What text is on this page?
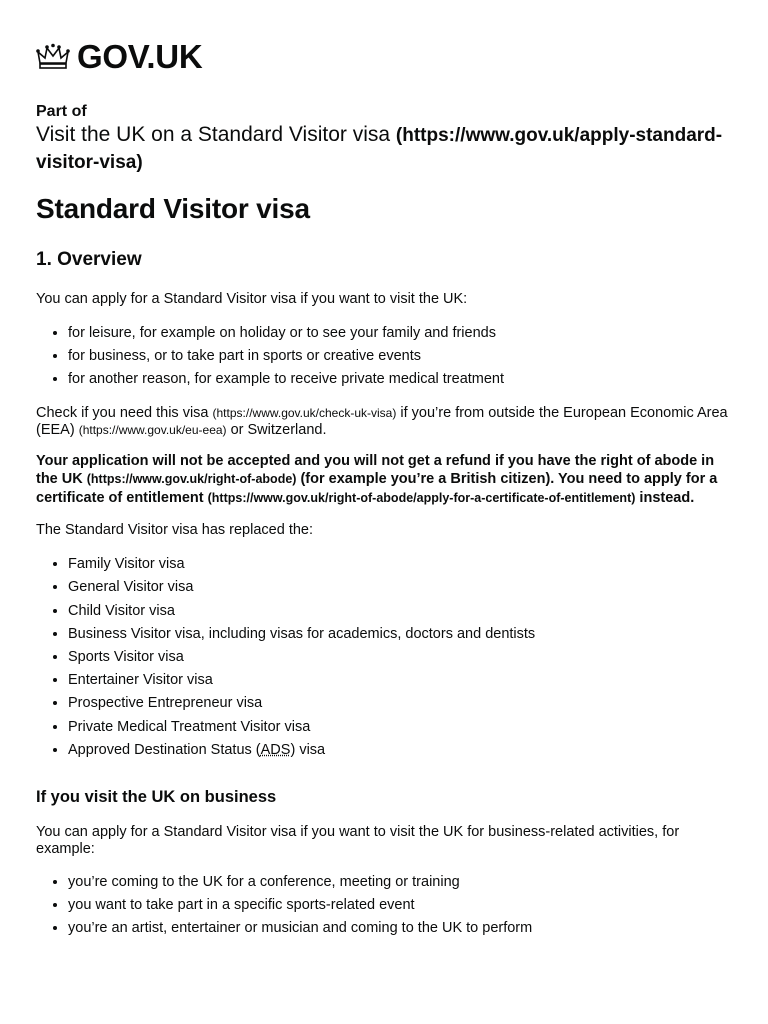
GOV.UK
Part of
Visit the UK on a Standard Visitor visa (https://www.gov.uk/apply-standard-visitor-visa)
Standard Visitor visa
1. Overview

You can apply for a Standard Visitor visa if you want to visit the UK:

• for leisure, for example on holiday or to see your family and friends
• for business, or to take part in sports or creative events
• for another reason, for example to receive private medical treatment

Check if you need this visa (https://www.gov.uk/check-uk-visa) if you’re from outside the European Economic Area (EEA) (https://www.gov.uk/eu-eea) or Switzerland.

Your application will not be accepted and you will not get a refund if you have the right of abode in the UK (https://www.gov.uk/right-of-abode) (for example you’re a British citizen). You need to apply for a certificate of entitlement (https://www.gov.uk/right-of-abode/apply-for-a-certificate-of-entitlement) instead.

The Standard Visitor visa has replaced the:

• Family Visitor visa
• General Visitor visa
• Child Visitor visa
• Business Visitor visa, including visas for academics, doctors and dentists
• Sports Visitor visa
• Entertainer Visitor visa
• Prospective Entrepreneur visa
• Private Medical Treatment Visitor visa
• Approved Destination Status (ADS) visa
If you visit the UK on business

You can apply for a Standard Visitor visa if you want to visit the UK for business-related activities, for example:

• you’re coming to the UK for a conference, meeting or training
• you want to take part in a specific sports-related event
• you’re an artist, entertainer or musician and coming to the UK to perform
